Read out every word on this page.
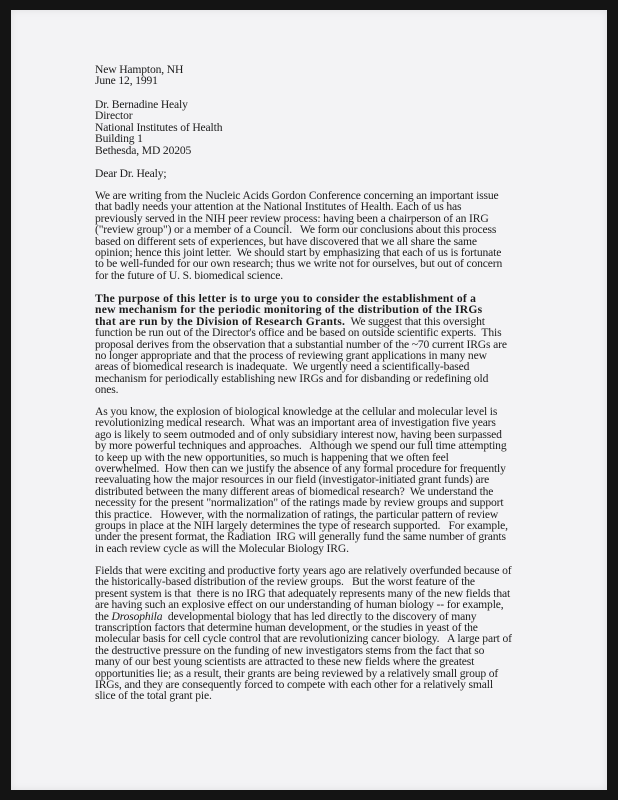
New Hampton, NH
June 12, 1991
Dr. Bernadine Healy
Director
National Institutes of Health
Building 1
Bethesda, MD 20205
Dear Dr. Healy;
We are writing from the Nucleic Acids Gordon Conference concerning an important issue
that badly needs your attention at the National Institutes of Health. Each of us has
previously served in the NIH peer review process: having been a chairperson of an IRG
("review group") or a member of a Council.   We form our conclusions about this process
based on different sets of experiences, but have discovered that we all share the same
opinion; hence this joint letter.  We should start by emphasizing that each of us is fortunate
to be well-funded for our own research; thus we write not for ourselves, but out of concern
for the future of U. S. biomedical science.
The purpose of this letter is to urge you to consider the establishment of a
new mechanism for the periodic monitoring of the distribution of the IRGs
that are run by the Division of Research Grants.  We suggest that this oversight
function be run out of the Director's office and be based on outside scientific experts.  This
proposal derives from the observation that a substantial number of the ~70 current IRGs are
no longer appropriate and that the process of reviewing grant applications in many new
areas of biomedical research is inadequate.  We urgently need a scientifically-based
mechanism for periodically establishing new IRGs and for disbanding or redefining old
ones.
As you know, the explosion of biological knowledge at the cellular and molecular level is
revolutionizing medical research.  What was an important area of investigation five years
ago is likely to seem outmoded and of only subsidiary interest now, having been surpassed
by more powerful techniques and approaches.   Although we spend our full time attempting
to keep up with the new opportunities, so much is happening that we often feel
overwhelmed.  How then can we justify the absence of any formal procedure for frequently
reevaluating how the major resources in our field (investigator-initiated grant funds) are
distributed between the many different areas of biomedical research?  We understand the
necessity for the present "normalization" of the ratings made by review groups and support
this practice.   However, with the normalization of ratings, the particular pattern of review
groups in place at the NIH largely determines the type of research supported.   For example,
under the present format, the Radiation  IRG will generally fund the same number of grants
in each review cycle as will the Molecular Biology IRG.
Fields that were exciting and productive forty years ago are relatively overfunded because of
the historically-based distribution of the review groups.   But the worst feature of the
present system is that  there is no IRG that adequately represents many of the new fields that
are having such an explosive effect on our understanding of human biology -- for example,
the Drosophila  developmental biology that has led directly to the discovery of many
transcription factors that determine human development, or the studies in yeast of the
molecular basis for cell cycle control that are revolutionizing cancer biology.   A large part of
the destructive pressure on the funding of new investigators stems from the fact that so
many of our best young scientists are attracted to these new fields where the greatest
opportunities lie; as a result, their grants are being reviewed by a relatively small group of
IRGs, and they are consequently forced to compete with each other for a relatively small
slice of the total grant pie.
